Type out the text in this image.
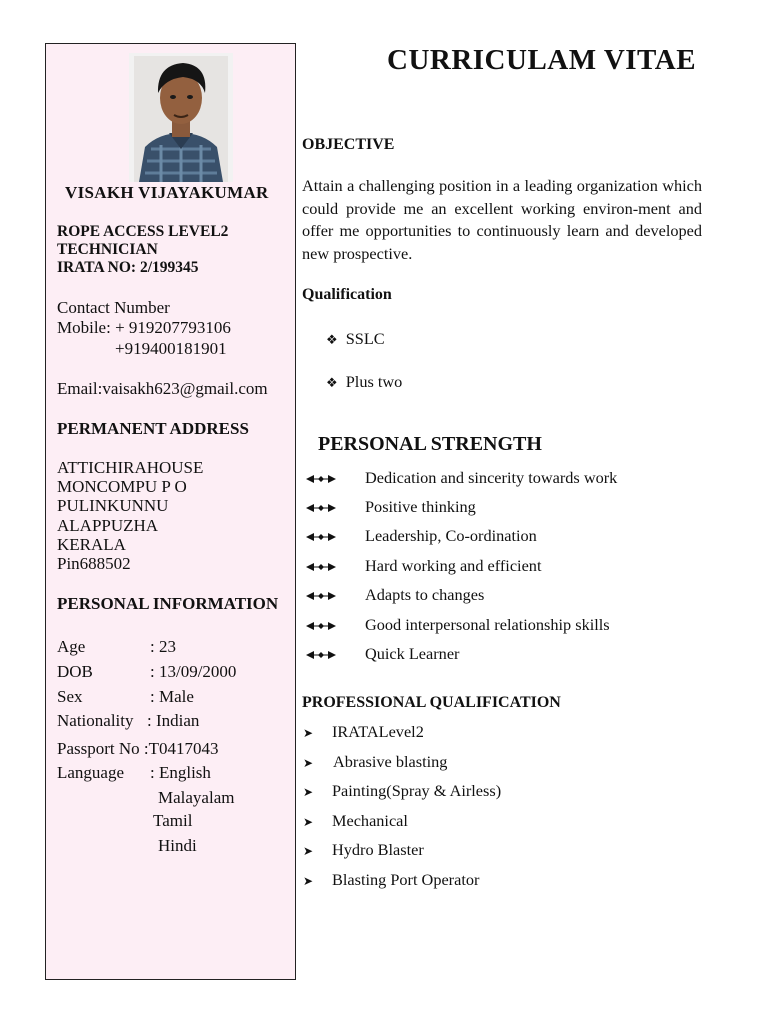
VISAKH VIJAYAKUMAR
ROPE ACCESS LEVEL2
TECHNICIAN
IRATA NO: 2/199345
Contact Number
Mobile: + 919207793106
+919400181901
Email:vaisakh623@gmail.com
PERMANENT ADDRESS
ATTICHIRAHOUSE
MONCOMPU P O
PULINKUNNU
ALAPPUZHA
KERALA
Pin688502
PERSONAL INFORMATION
Age	: 23
DOB	: 13/09/2000
Sex	: Male
Nationality : Indian
Passport No :T0417043
Language : English
Malayalam
Tamil
Hindi
CURRICULAM VITAE
OBJECTIVE
Attain a challenging position in a leading organization which could provide me an excellent working environ-ment and offer me opportunities to continuously learn and developed new prospective.
Qualification
❖ SSLC
❖ Plus two
PERSONAL STRENGTH
Dedication and sincerity towards work
Positive thinking
Leadership, Co-ordination
Hard working and efficient
Adapts to changes
Good interpersonal relationship skills
Quick Learner
PROFESSIONAL QUALIFICATION
➤ IRATALevel2
➤ Abrasive blasting
➤ Painting(Spray & Airless)
➤ Mechanical
➤ Hydro Blaster
➤ Blasting Port Operator
